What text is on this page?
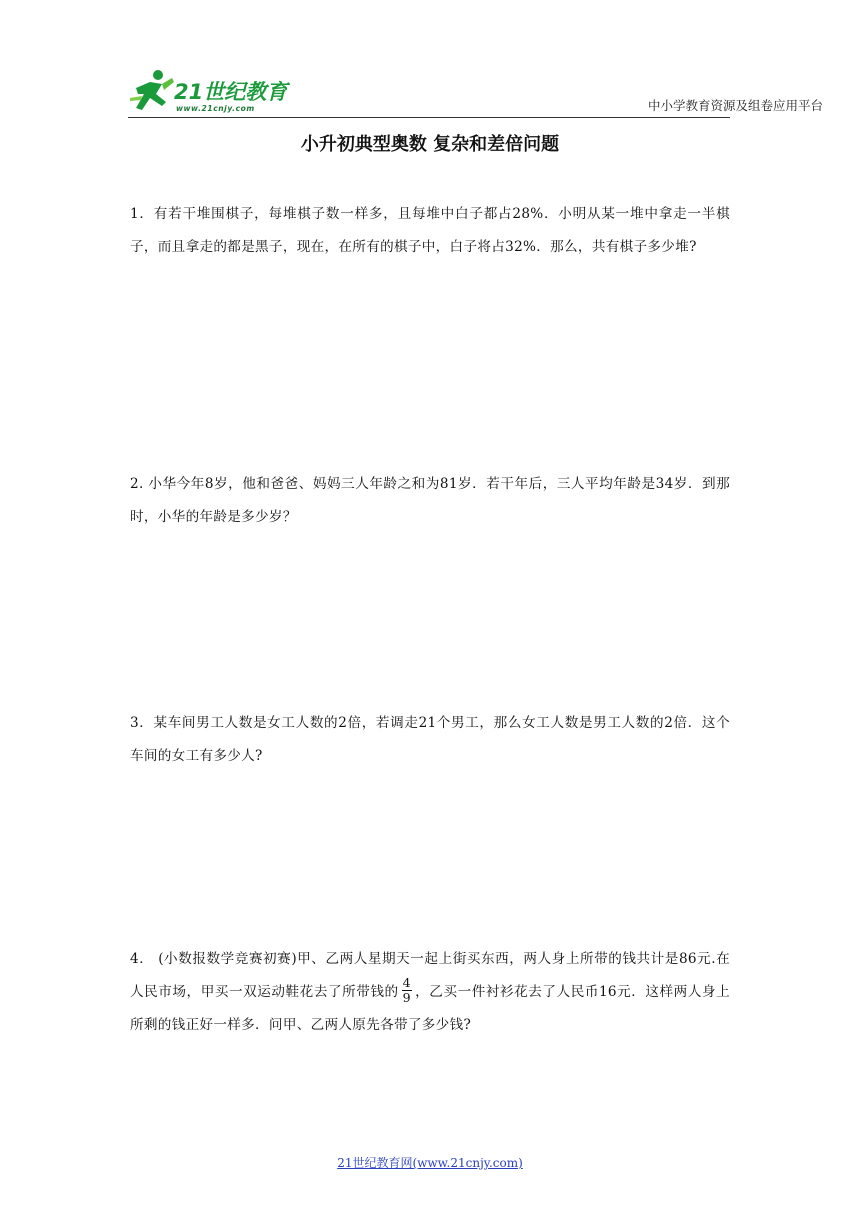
21世纪教育
www.21cnjy.com	中小学教育资源及组卷应用平台
小升初典型奥数 复杂和差倍问题
1．有若干堆围棋子，每堆棋子数一样多，且每堆中白子都占28%．小明从某一堆中拿走一半棋子，而且拿走的都是黑子，现在，在所有的棋子中，白子将占32%．那么，共有棋子多少堆?
2. 小华今年8岁，他和爸爸、妈妈三人年龄之和为81岁．若干年后，三人平均年龄是34岁．到那时，小华的年龄是多少岁？
3．某车间男工人数是女工人数的2倍，若调走21个男工，那么女工人数是男工人数的2倍．这个车间的女工有多少人?
4． (小数报数学竞赛初赛)甲、乙两人星期天一起上街买东西，两人身上所带的钱共计是86元.在人民市场，甲买一双运动鞋花去了所带钱的 $\frac{4}{9}$ ，乙买一件衬衫花去了人民币16元．这样两人身上所剩的钱正好一样多．问甲、乙两人原先各带了多少钱?
21世纪教育网(www.21cnjy.com)
